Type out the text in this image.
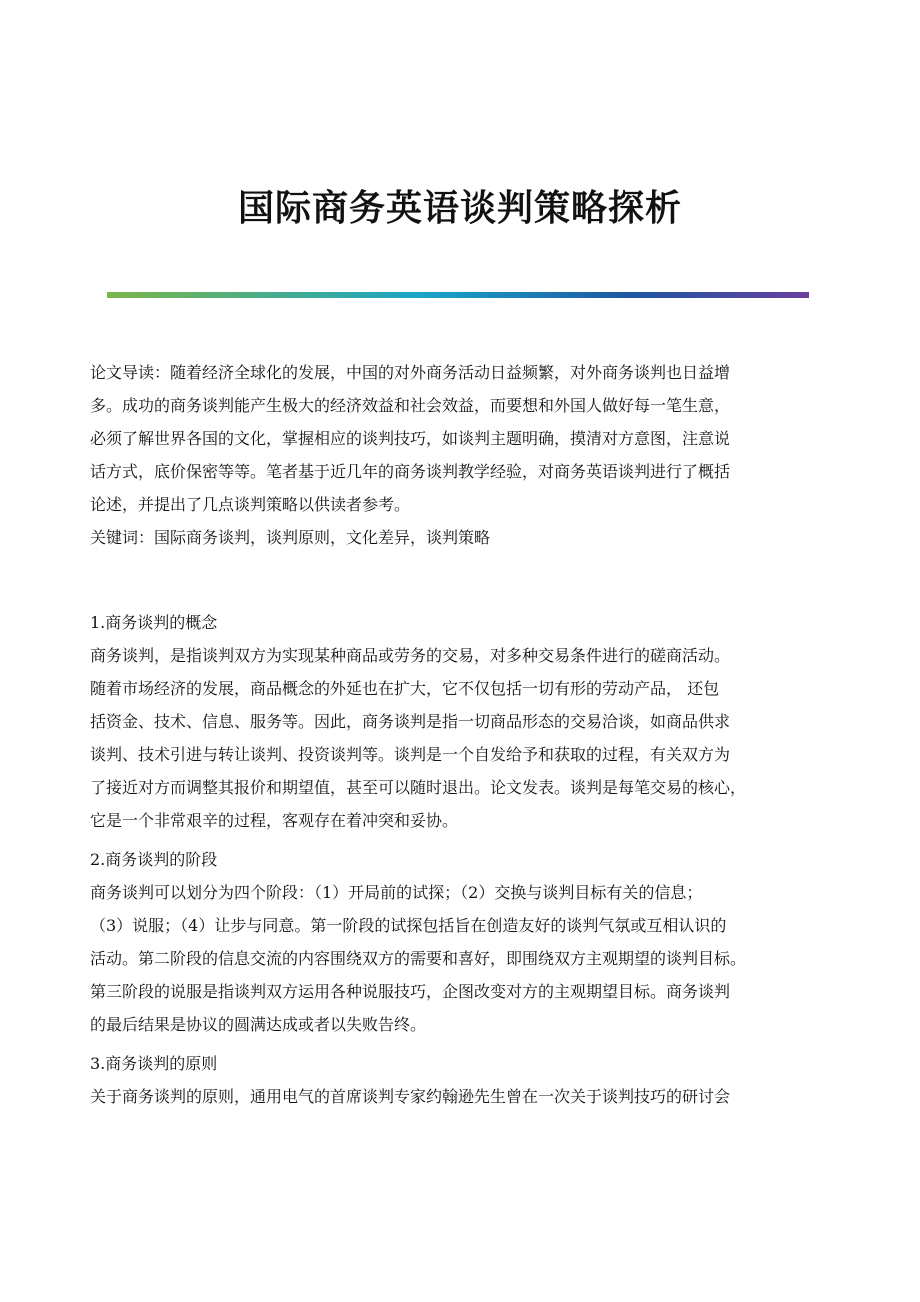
国际商务英语谈判策略探析

论文导读：随着经济全球化的发展，中国的对外商务活动日益频繁，对外商务谈判也日益增

多。成功的商务谈判能产生极大的经济效益和社会效益，而要想和外国人做好每一笔生意，

必须了解世界各国的文化，掌握相应的谈判技巧，如谈判主题明确，摸清对方意图，注意说

话方式，底价保密等等。笔者基于近几年的商务谈判教学经验，对商务英语谈判进行了概括

论述，并提出了几点谈判策略以供读者参考。

关键词：国际商务谈判，谈判原则，文化差异，谈判策略

1.商务谈判的概念

商务谈判，是指谈判双方为实现某种商品或劳务的交易，对多种交易条件进行的磋商活动。

随着市场经济的发展，商品概念的外延也在扩大，它不仅包括一切有形的劳动产品， 还包

括资金、技术、信息、服务等。因此，商务谈判是指一切商品形态的交易洽谈，如商品供求

谈判、技术引进与转让谈判、投资谈判等。谈判是一个自发给予和获取的过程，有关双方为

了接近对方而调整其报价和期望值，甚至可以随时退出。论文发表。谈判是每笔交易的核心，

它是一个非常艰辛的过程，客观存在着冲突和妥协。

2.商务谈判的阶段

商务谈判可以划分为四个阶段：（1）开局前的试探；（2）交换与谈判目标有关的信息；

（3）说服；（4）让步与同意。第一阶段的试探包括旨在创造友好的谈判气氛或互相认识的

活动。第二阶段的信息交流的内容围绕双方的需要和喜好，即围绕双方主观期望的谈判目标。

第三阶段的说服是指谈判双方运用各种说服技巧，企图改变对方的主观期望目标。商务谈判

的最后结果是协议的圆满达成或者以失败告终。

3.商务谈判的原则

关于商务谈判的原则，通用电气的首席谈判专家约翰逊先生曾在一次关于谈判技巧的研讨会
